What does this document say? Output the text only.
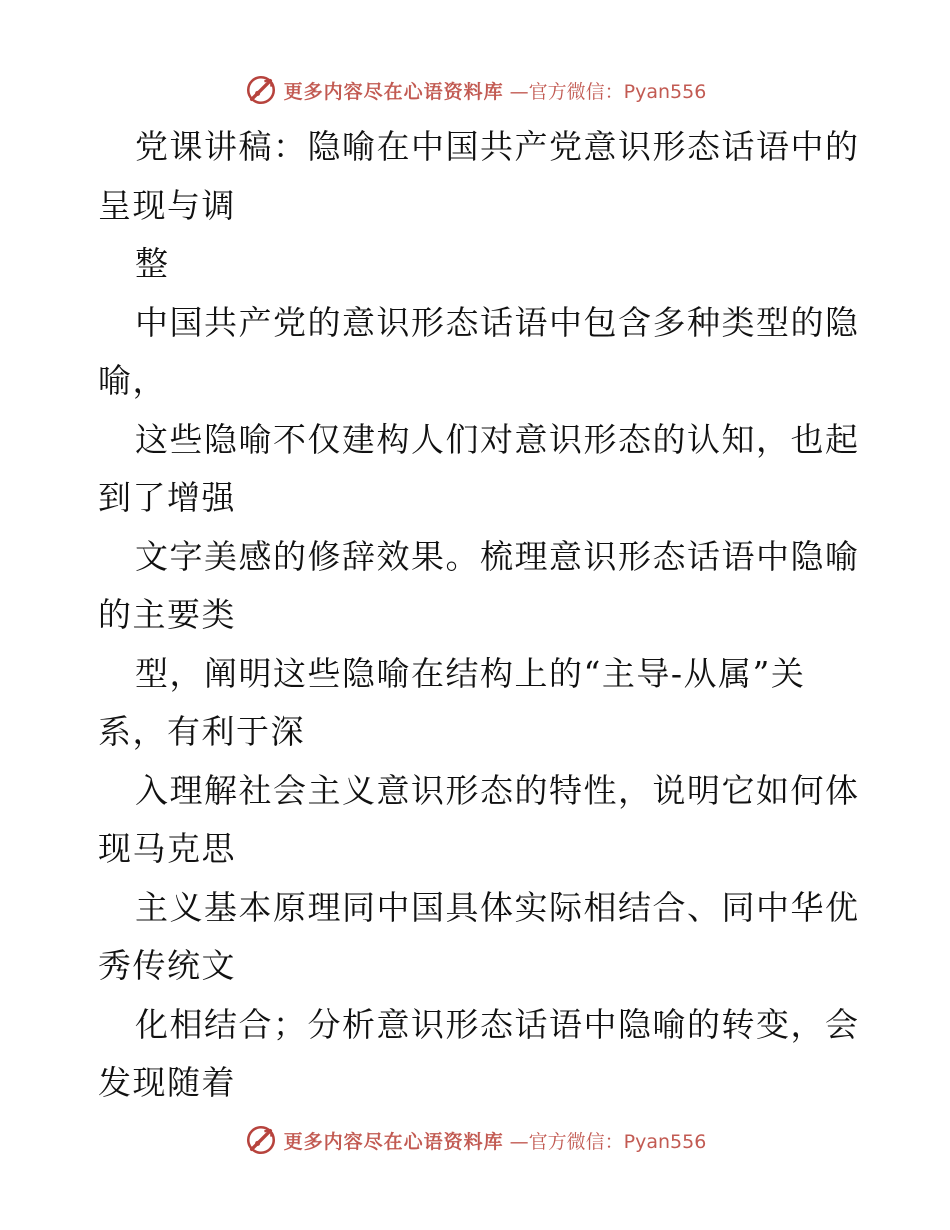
更多内容尽在心语资料库 —官方微信：Pyan556
党课讲稿：隐喻在中国共产党意识形态话语中的
呈现与调
整
中国共产党的意识形态话语中包含多种类型的隐
喻，
这些隐喻不仅建构人们对意识形态的认知，也起
到了增强
文字美感的修辞效果。梳理意识形态话语中隐喻
的主要类
型，阐明这些隐喻在结构上的“主导-从属”关
系，有利于深
入理解社会主义意识形态的特性，说明它如何体
现马克思
主义基本原理同中国具体实际相结合、同中华优
秀传统文
化相结合；分析意识形态话语中隐喻的转变，会
发现随着
更多内容尽在心语资料库 —官方微信：Pyan556
